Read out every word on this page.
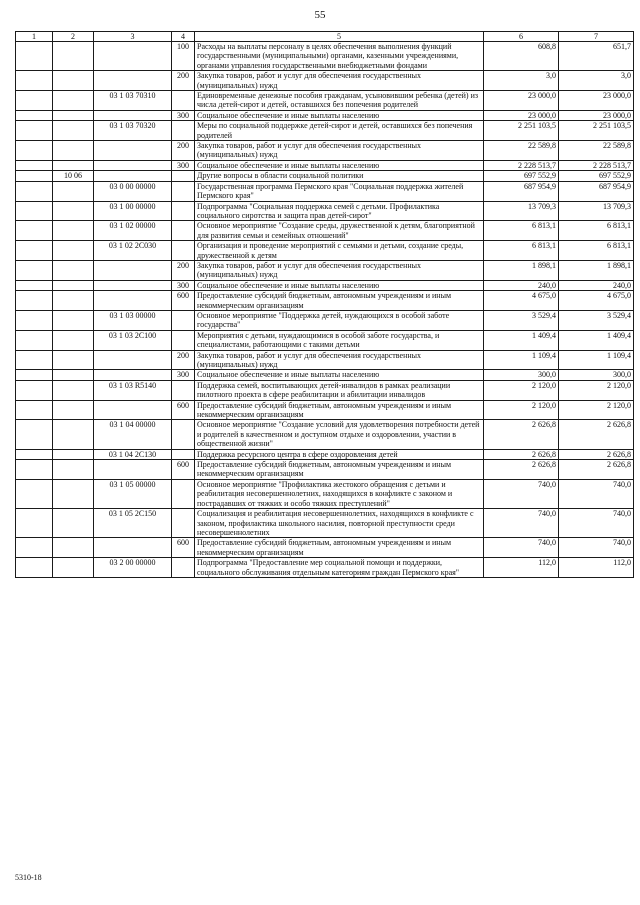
55
1	2	3	4	5	6	7
			100	Расходы на выплаты персоналу в целях обеспечения выполнения функций государственными (муниципальными) органами, казенными учреждениями, органами управления государственными внебюджетными фондами	608,8	651,7
			200	Закупка товаров, работ и услуг для обеспечения государственных (муниципальных) нужд	3,0	3,0
		03 1 03 70310		Единовременные денежные пособия гражданам, усыновившим ребенка (детей) из числа детей-сирот и детей, оставшихся без попечения родителей	23 000,0	23 000,0
			300	Социальное обеспечение и иные выплаты населению	23 000,0	23 000,0
		03 1 03 70320		Меры по социальной поддержке детей-сирот и детей, оставшихся без попечения родителей	2 251 103,5	2 251 103,5
			200	Закупка товаров, работ и услуг для обеспечения государственных (муниципальных) нужд	22 589,8	22 589,8
			300	Социальное обеспечение и иные выплаты населению	2 228 513,7	2 228 513,7
	10 06			Другие вопросы в области социальной политики	697 552,9	697 552,9
		03 0 00 00000		Государственная программа Пермского края "Социальная поддержка жителей Пермского края"	687 954,9	687 954,9
		03 1 00 00000		Подпрограмма "Социальная поддержка семей с детьми. Профилактика социального сиротства и защита прав детей-сирот"	13 709,3	13 709,3
		03 1 02 00000		Основное мероприятие "Создание среды, дружественной к детям, благоприятной для развития семьи и семейных отношений"	6 813,1	6 813,1
		03 1 02 2С030		Организация и проведение мероприятий с семьями и детьми, создание среды, дружественной к детям	6 813,1	6 813,1
			200	Закупка товаров, работ и услуг для обеспечения государственных (муниципальных) нужд	1 898,1	1 898,1
			300	Социальное обеспечение и иные выплаты населению	240,0	240,0
			600	Предоставление субсидий бюджетным, автономным учреждениям и иным некоммерческим организациям	4 675,0	4 675,0
		03 1 03 00000		Основное мероприятие "Поддержка детей, нуждающихся в особой заботе государства"	3 529,4	3 529,4
		03 1 03 2С100		Мероприятия с детьми, нуждающимися в особой заботе государства, и специалистами, работающими с такими детьми	1 409,4	1 409,4
			200	Закупка товаров, работ и услуг для обеспечения государственных (муниципальных) нужд	1 109,4	1 109,4
			300	Социальное обеспечение и иные выплаты населению	300,0	300,0
		03 1 03 R5140		Поддержка семей, воспитывающих детей-инвалидов в рамках реализации пилотного проекта в сфере реабилитации и абилитации инвалидов	2 120,0	2 120,0
			600	Предоставление субсидий бюджетным, автономным учреждениям и иным некоммерческим организациям	2 120,0	2 120,0
		03 1 04 00000		Основное мероприятие "Создание условий для удовлетворения потребности детей и родителей в качественном и доступном отдыхе и оздоровлении, участии в общественной жизни"	2 626,8	2 626,8
		03 1 04 2С130		Поддержка ресурсного центра в сфере оздоровления детей	2 626,8	2 626,8
			600	Предоставление субсидий бюджетным, автономным учреждениям и иным некоммерческим организациям	2 626,8	2 626,8
		03 1 05 00000		Основное мероприятие "Профилактика жестокого обращения с детьми и реабилитация несовершеннолетних, находящихся в конфликте с законом и пострадавших от тяжких и особо тяжких преступлений"	740,0	740,0
		03 1 05 2С150		Социализация и реабилитация несовершеннолетних, находящихся в конфликте с законом, профилактика школьного насилия, повторной преступности среди несовершеннолетних	740,0	740,0
			600	Предоставление субсидий бюджетным, автономным учреждениям и иным некоммерческим организациям	740,0	740,0
		03 2 00 00000		Подпрограмма "Предоставление мер социальной помощи и поддержки, социального обслуживания отдельным категориям граждан Пермского края"	112,0	112,0
5310-18
